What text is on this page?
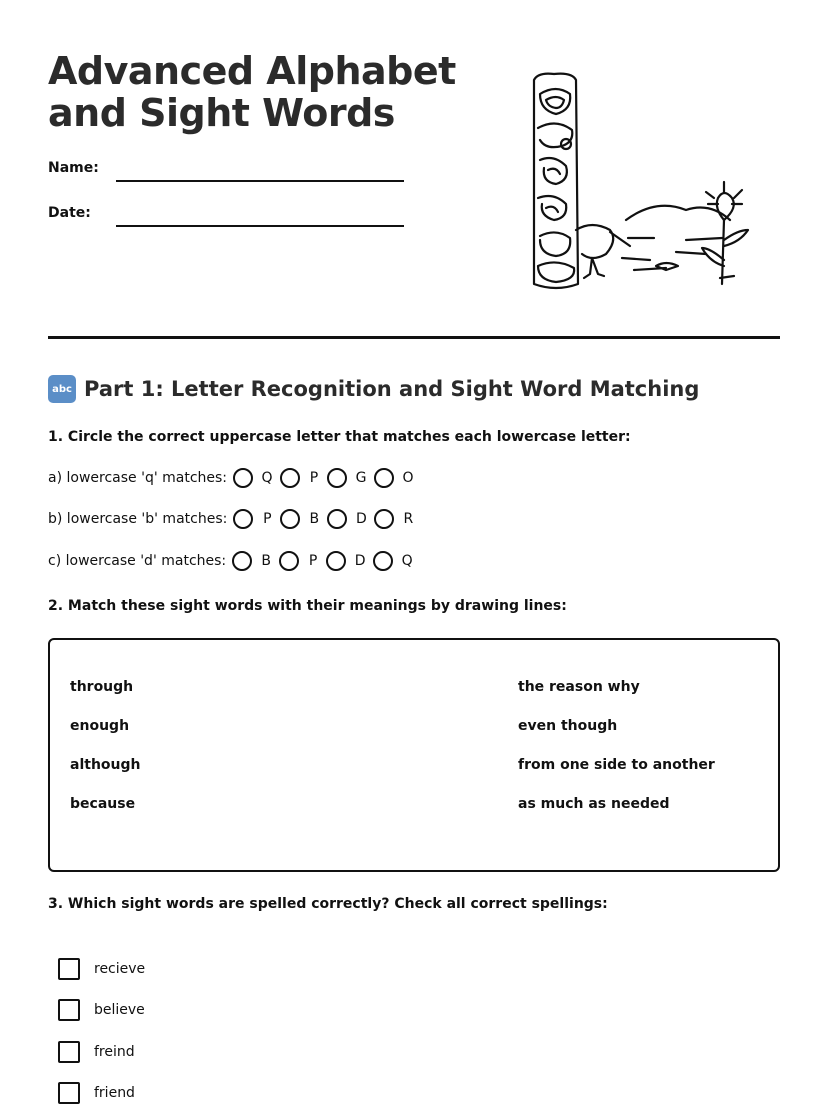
Advanced Alphabet and Sight Words
Name:
Date:
abc Part 1: Letter Recognition and Sight Word Matching
1. Circle the correct uppercase letter that matches each lowercase letter:
a) lowercase 'q' matches:	Q	P	G	O
b) lowercase 'b' matches:	P	B	D	R
c) lowercase 'd' matches:	B	P	D	Q
2. Match these sight words with their meanings by drawing lines:
through
enough
although
because
the reason why
even though
from one side to another
as much as needed
3. Which sight words are spelled correctly? Check all correct spellings:
recieve
believe
freind
friend
